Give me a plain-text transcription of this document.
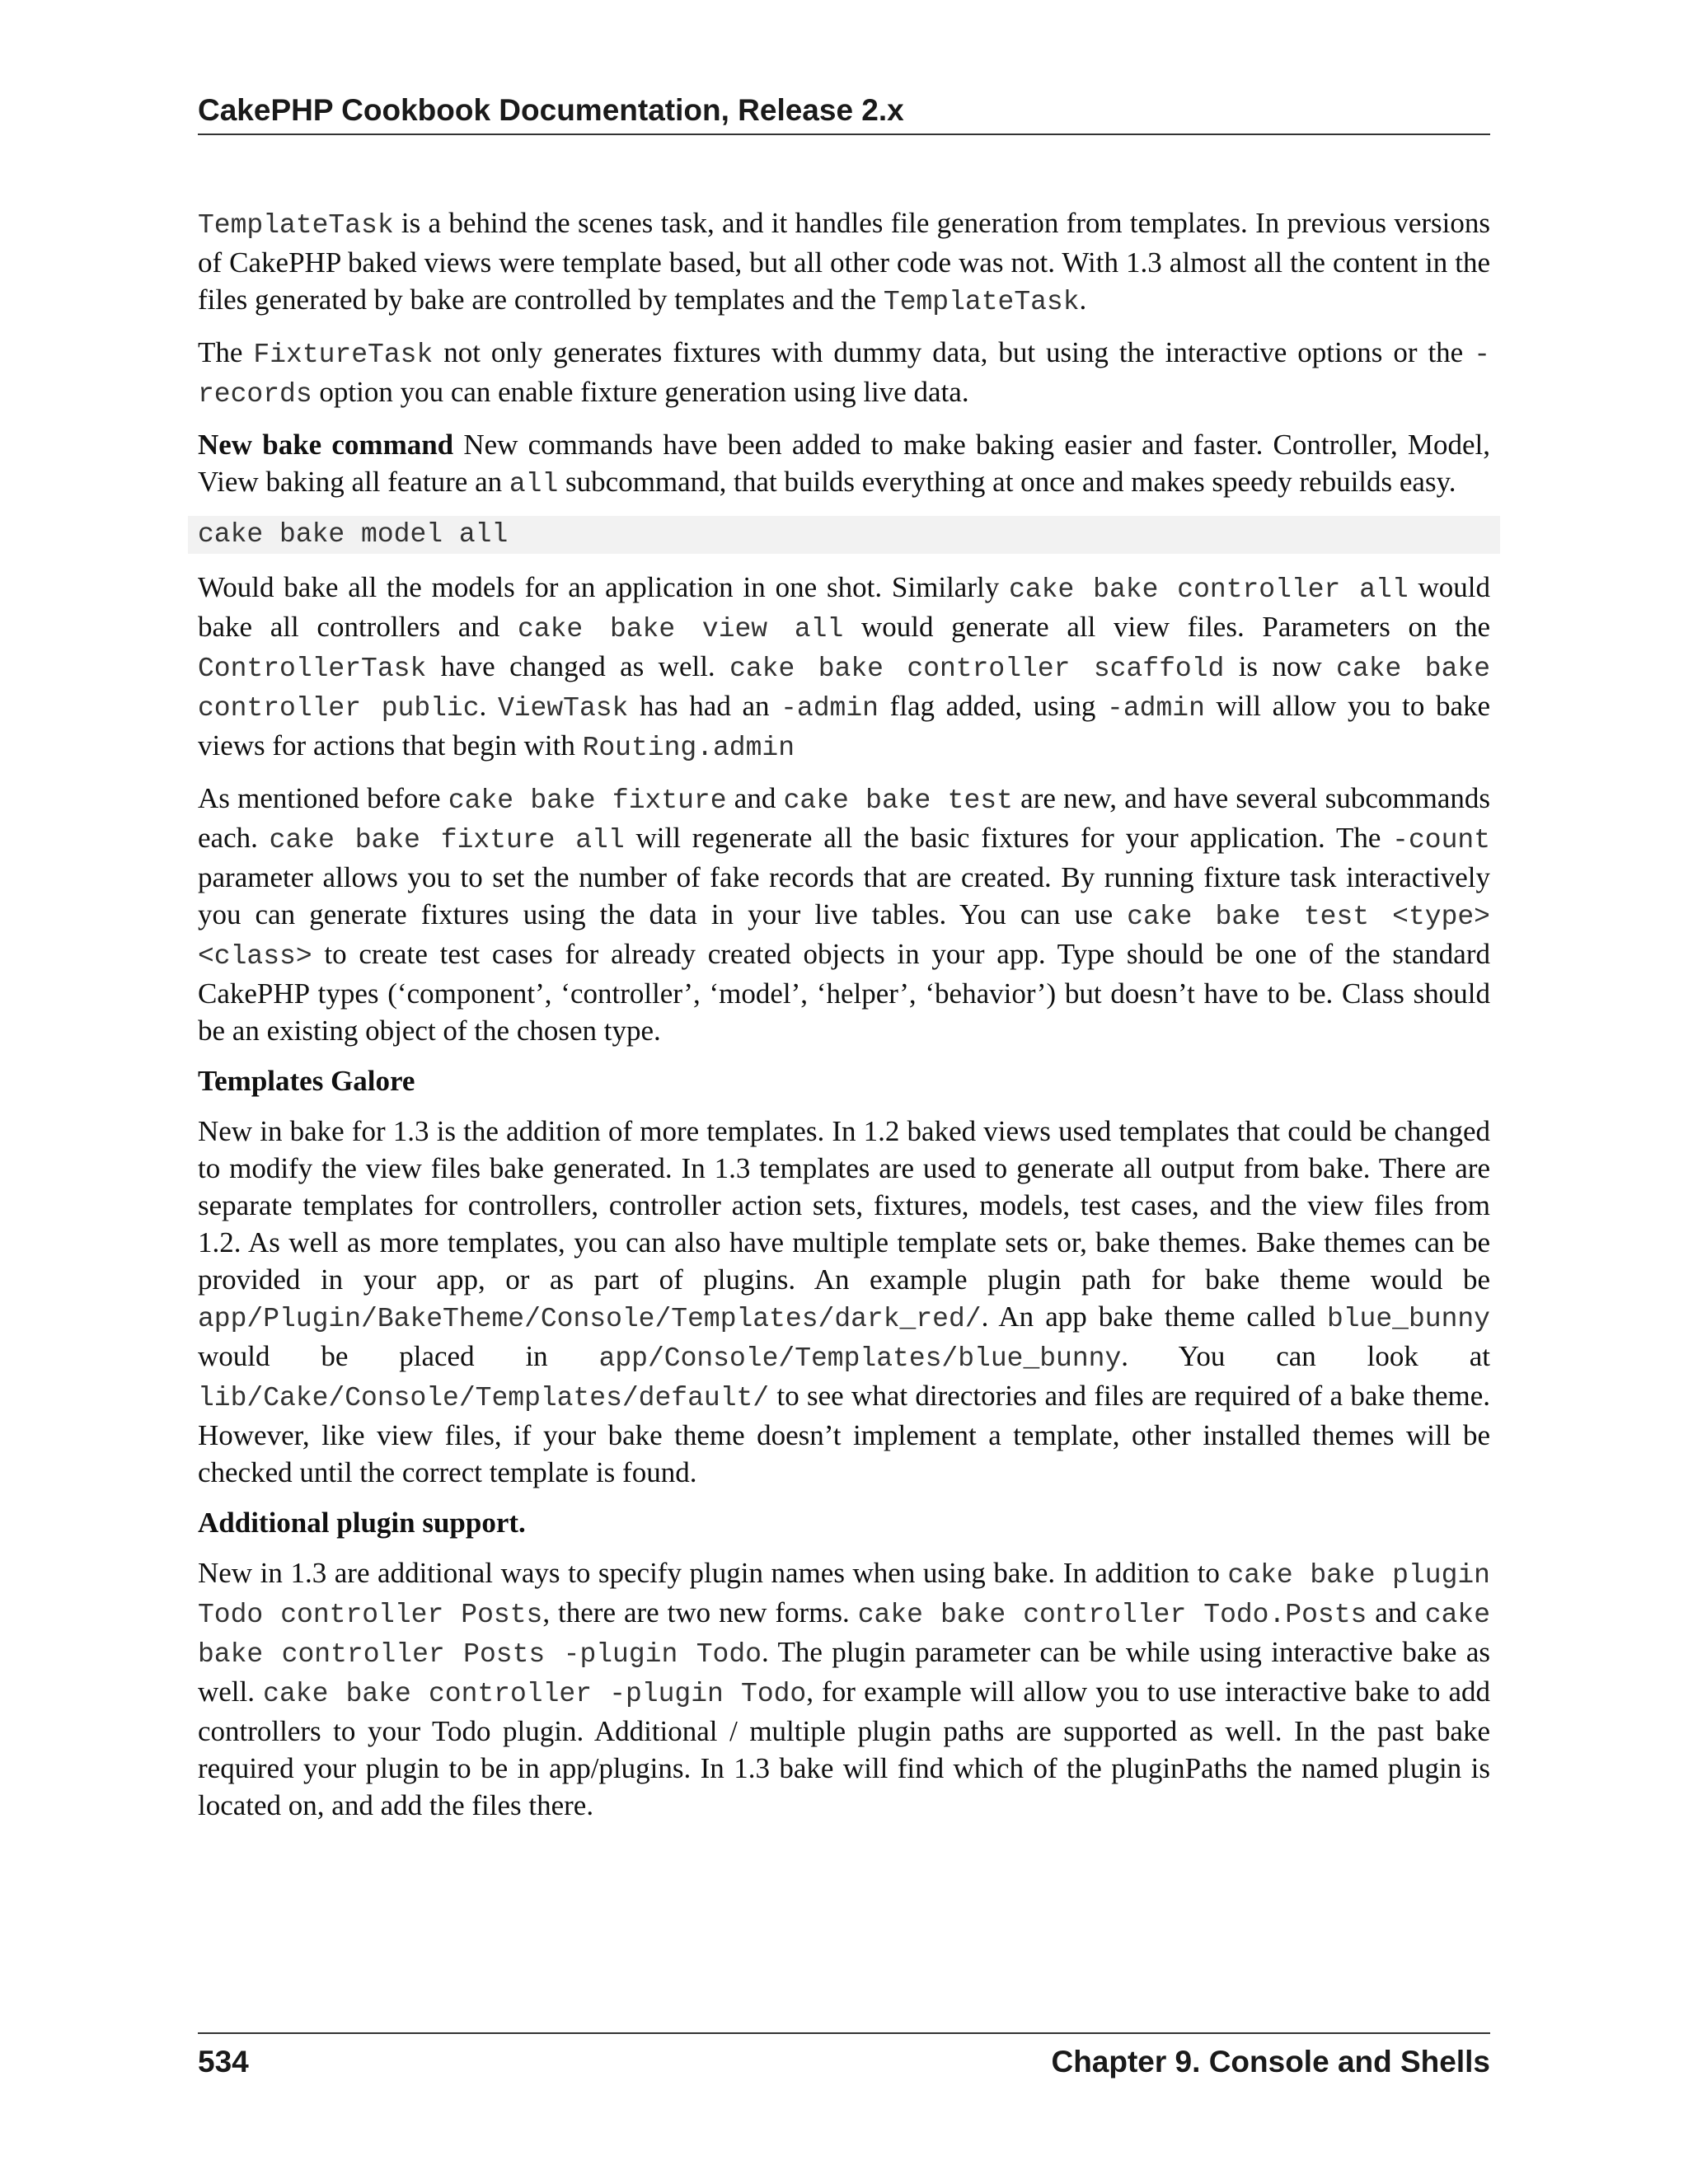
CakePHP Cookbook Documentation, Release 2.x

TemplateTask is a behind the scenes task, and it handles file generation from templates. In previous versions of CakePHP baked views were template based, but all other code was not. With 1.3 almost all the content in the files generated by bake are controlled by templates and the TemplateTask.

The FixtureTask not only generates fixtures with dummy data, but using the interactive options or the -records option you can enable fixture generation using live data.

New bake command New commands have been added to make baking easier and faster. Controller, Model, View baking all feature an all subcommand, that builds everything at once and makes speedy rebuilds easy.

cake bake model all

Would bake all the models for an application in one shot. Similarly cake bake controller all would bake all controllers and cake bake view all would generate all view files. Parameters on the ControllerTask have changed as well. cake bake controller scaffold is now cake bake controller public. ViewTask has had an -admin flag added, using -admin will allow you to bake views for actions that begin with Routing.admin

As mentioned before cake bake fixture and cake bake test are new, and have several subcommands each. cake bake fixture all will regenerate all the basic fixtures for your application. The -count parameter allows you to set the number of fake records that are created. By running fixture task interactively you can generate fixtures using the data in your live tables. You can use cake bake test <type> <class> to create test cases for already created objects in your app. Type should be one of the standard CakePHP types (‘component’, ‘controller’, ‘model’, ‘helper’, ‘behavior’) but doesn’t have to be. Class should be an existing object of the chosen type.

Templates Galore

New in bake for 1.3 is the addition of more templates. In 1.2 baked views used templates that could be changed to modify the view files bake generated. In 1.3 templates are used to generate all output from bake. There are separate templates for controllers, controller action sets, fixtures, models, test cases, and the view files from 1.2. As well as more templates, you can also have multiple template sets or, bake themes. Bake themes can be provided in your app, or as part of plugins. An example plugin path for bake theme would be app/Plugin/BakeTheme/Console/Templates/dark_red/. An app bake theme called blue_bunny would be placed in app/Console/Templates/blue_bunny. You can look at lib/Cake/Console/Templates/default/ to see what directories and files are required of a bake theme. However, like view files, if your bake theme doesn’t implement a template, other installed themes will be checked until the correct template is found.

Additional plugin support.

New in 1.3 are additional ways to specify plugin names when using bake. In addition to cake bake plugin Todo controller Posts, there are two new forms. cake bake controller Todo.Posts and cake bake controller Posts -plugin Todo. The plugin parameter can be while using interactive bake as well. cake bake controller -plugin Todo, for example will allow you to use interactive bake to add controllers to your Todo plugin. Additional / multiple plugin paths are supported as well. In the past bake required your plugin to be in app/plugins. In 1.3 bake will find which of the pluginPaths the named plugin is located on, and add the files there.

534	Chapter 9. Console and Shells
